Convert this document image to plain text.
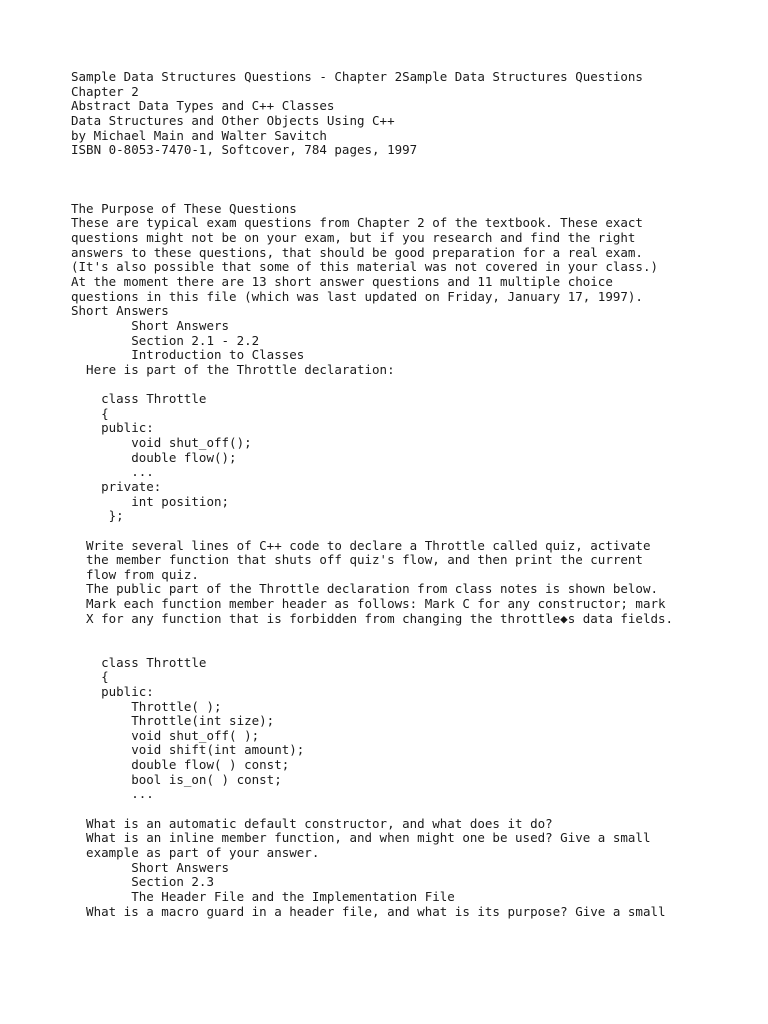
Sample Data Structures Questions - Chapter 2Sample Data Structures Questions
Chapter 2
Abstract Data Types and C++ Classes
Data Structures and Other Objects Using C++
by Michael Main and Walter Savitch
ISBN 0-8053-7470-1, Softcover, 784 pages, 1997
The Purpose of These Questions
These are typical exam questions from Chapter 2 of the textbook. These exact
questions might not be on your exam, but if you research and find the right
answers to these questions, that should be good preparation for a real exam.
(It's also possible that some of this material was not covered in your class.)
At the moment there are 13 short answer questions and 11 multiple choice
questions in this file (which was last updated on Friday, January 17, 1997).
Short Answers
Short Answers
Section 2.1 - 2.2
Introduction to Classes
Here is part of the Throttle declaration:
class Throttle
{
public:
void shut_off();
double flow();
...
private:
int position;
};
Write several lines of C++ code to declare a Throttle called quiz, activate
the member function that shuts off quiz's flow, and then print the current
flow from quiz.
The public part of the Throttle declaration from class notes is shown below.
Mark each function member header as follows: Mark C for any constructor; mark
X for any function that is forbidden from changing the throttle◆s data fields.
class Throttle
{
public:
Throttle( );
Throttle(int size);
void shut_off( );
void shift(int amount);
double flow( ) const;
bool is_on( ) const;
...
What is an automatic default constructor, and what does it do?
What is an inline member function, and when might one be used? Give a small
example as part of your answer.
Short Answers
Section 2.3
The Header File and the Implementation File
What is a macro guard in a header file, and what is its purpose? Give a small
